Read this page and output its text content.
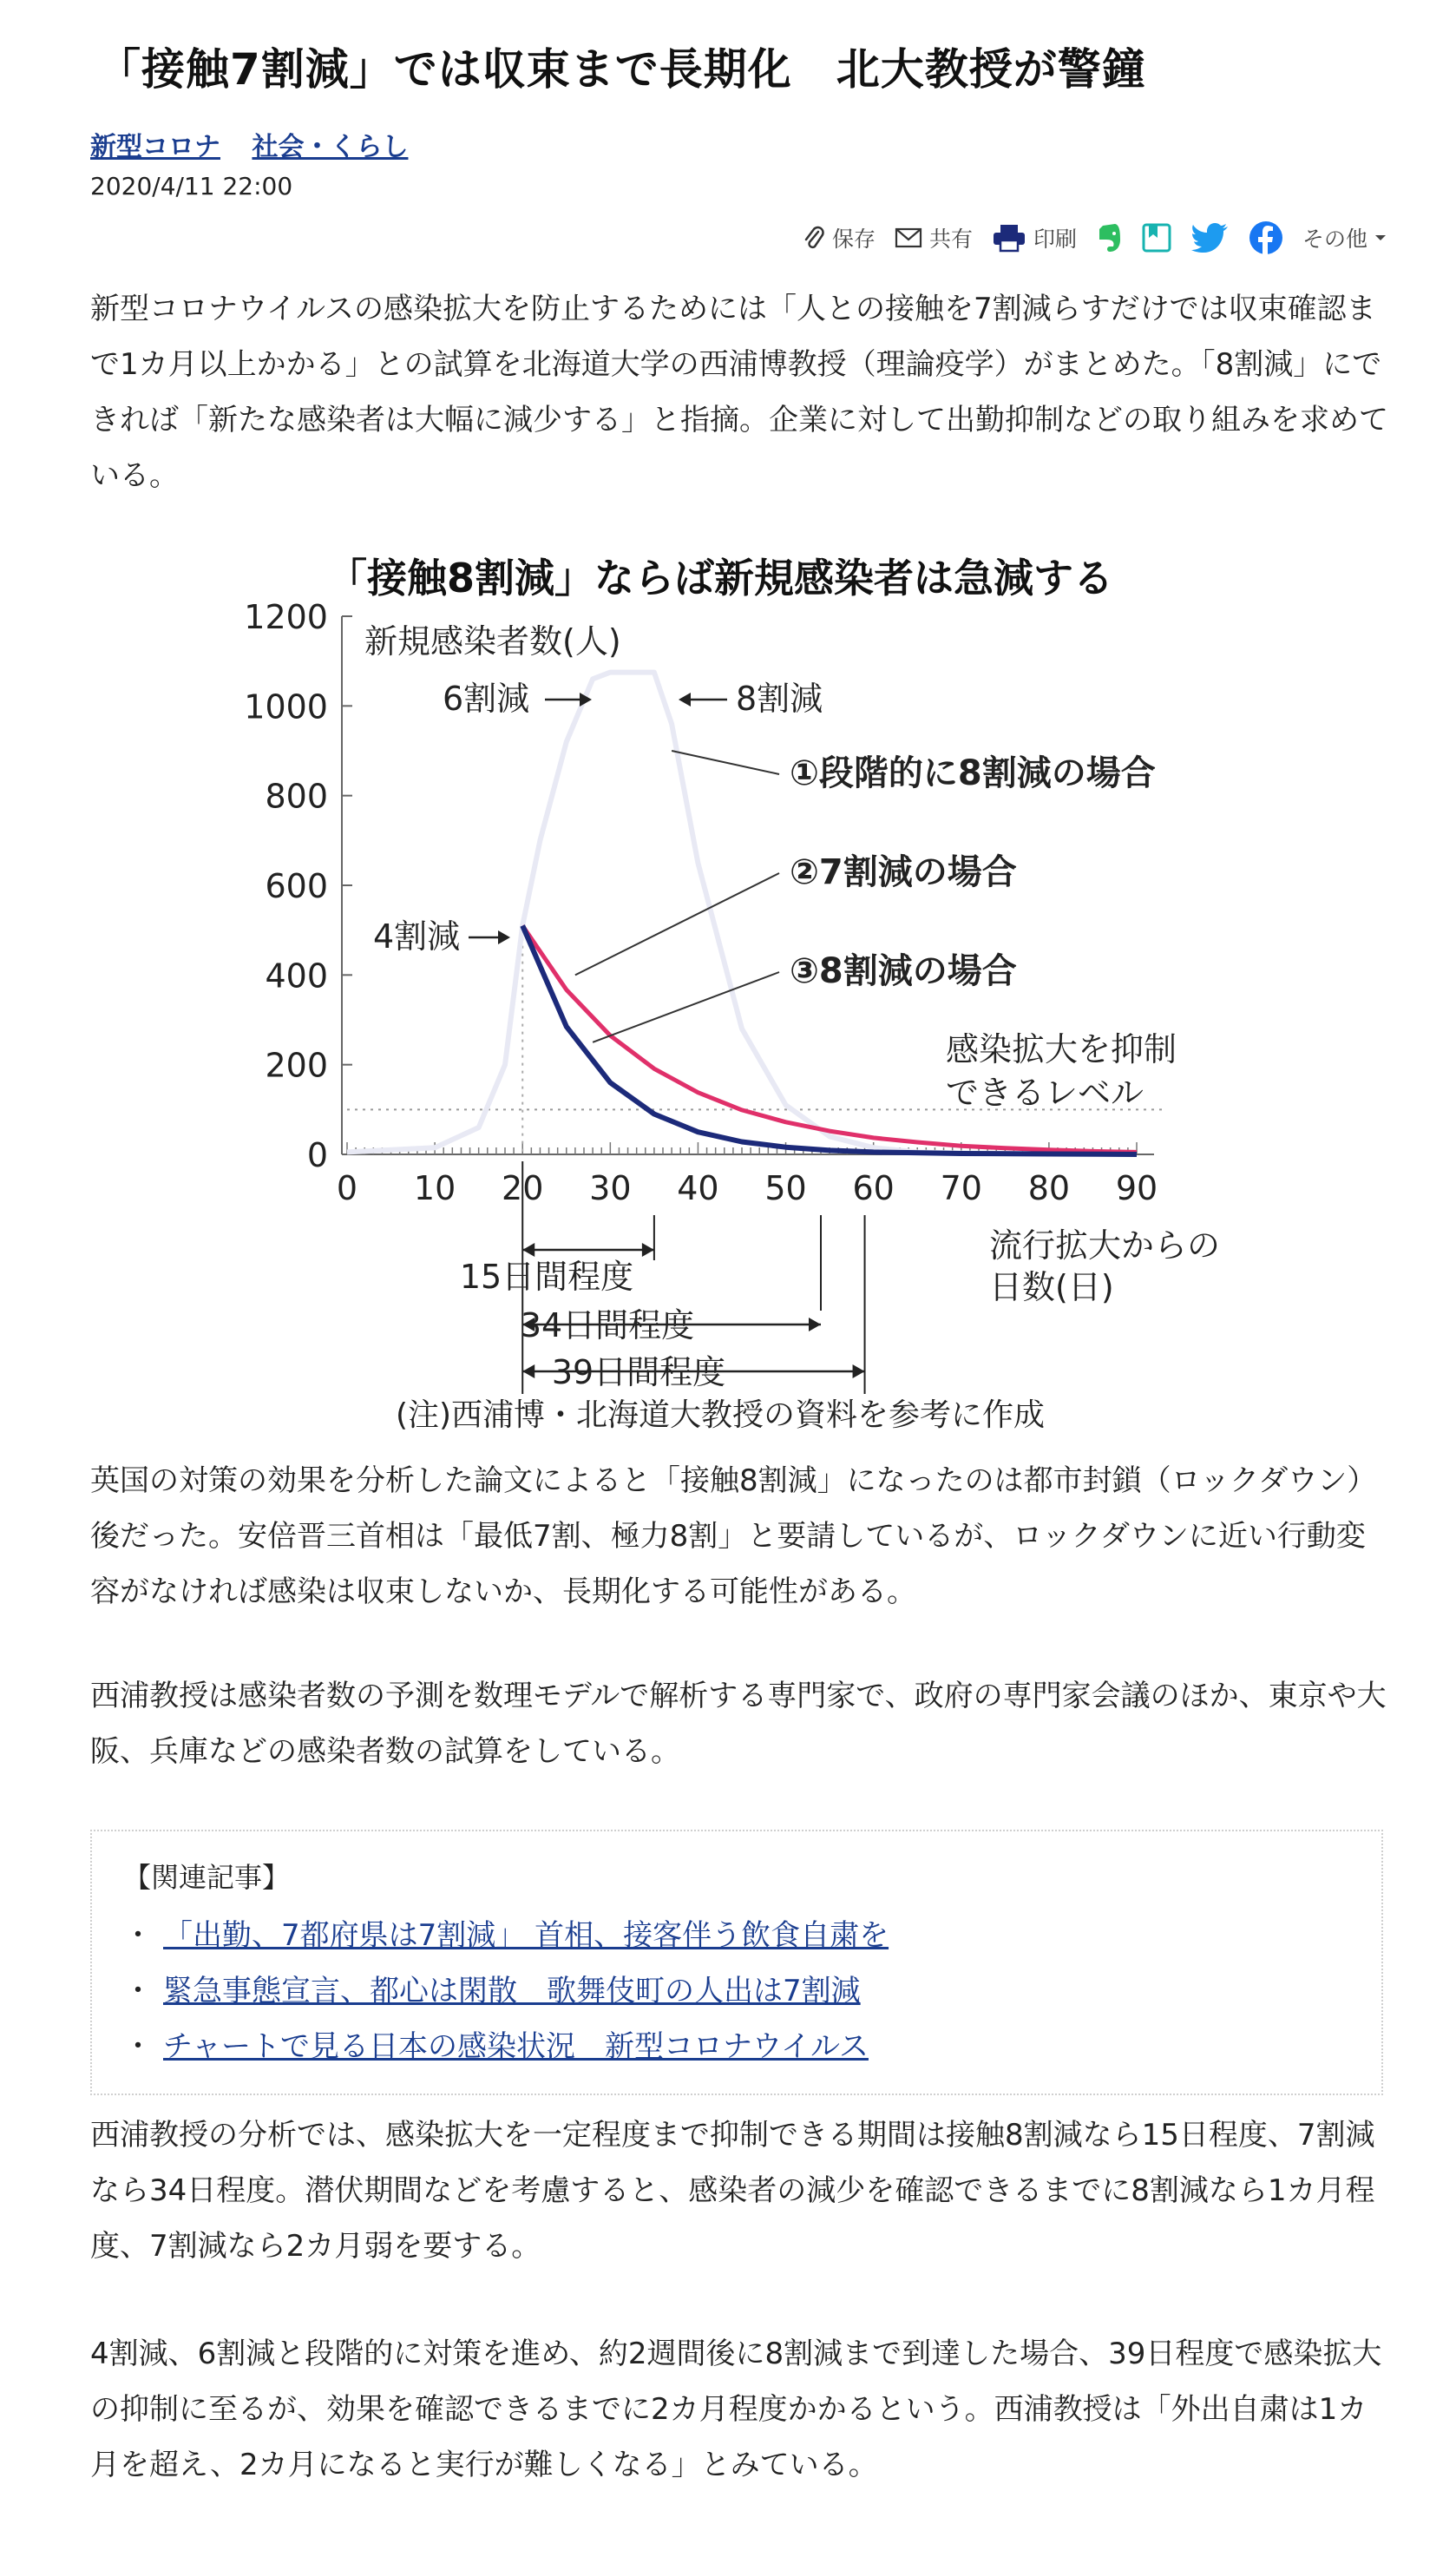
「接触7割減」では収束まで長期化　北大教授が警鐘
新型コロナ 社会・くらし
2020/4/11 22:00
保存 共有	印刷	その他

新型コロナウイルスの感染拡大を防止するためには「人との接触を7割減らすだけでは収束確認まで1カ月以上かかる」との試算を北海道大学の西浦博教授（理論疫学）がまとめた。「8割減」にできれば「新たな感染者は大幅に減少する」と指摘。企業に対して出勤抑制などの取り組みを求めている。

「接触8割減」ならば新規感染者は急減する
新規感染者数(人)
0
200
400
600
800
1000
1200
0 10 20 30 40 50 60 70 80 90
6割減	8割減
4割減
①段階的に8割減の場合
②7割減の場合
③8割減の場合
感染拡大を抑制
できるレベル
流行拡大からの
日数(日)
15日間程度
34日間程度
39日間程度
(注)西浦博・北海道大教授の資料を参考に作成

英国の対策の効果を分析した論文によると「接触8割減」になったのは都市封鎖（ロックダウン）後だった。安倍晋三首相は「最低7割、極力8割」と要請しているが、ロックダウンに近い行動変容がなければ感染は収束しないか、長期化する可能性がある。

西浦教授は感染者数の予測を数理モデルで解析する専門家で、政府の専門家会議のほか、東京や大阪、兵庫などの感染者数の試算をしている。

【関連記事】
・ 「出勤、7都府県は7割減」 首相、接客伴う飲食自粛を
・ 緊急事態宣言、都心は閑散　歌舞伎町の人出は7割減
・ チャートで見る日本の感染状況　新型コロナウイルス

西浦教授の分析では、感染拡大を一定程度まで抑制できる期間は接触8割減なら15日程度、7割減なら34日程度。潜伏期間などを考慮すると、感染者の減少を確認できるまでに8割減なら1カ月程度、7割減なら2カ月弱を要する。

4割減、6割減と段階的に対策を進め、約2週間後に8割減まで到達した場合、39日程度で感染拡大の抑制に至るが、効果を確認できるまでに2カ月程度かかるという。西浦教授は「外出自粛は1カ月を超え、2カ月になると実行が難しくなる」とみている。
